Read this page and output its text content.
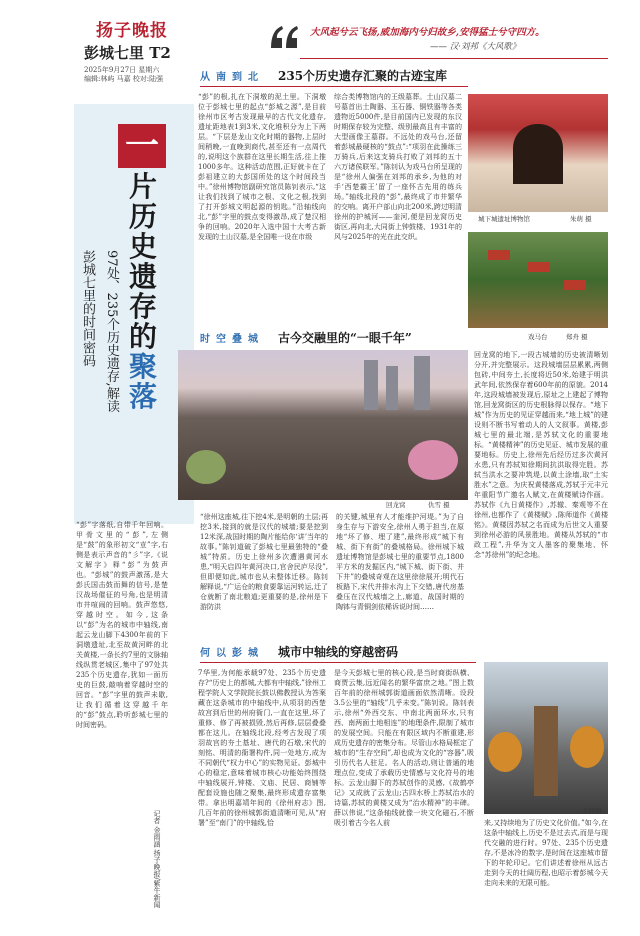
扬子晚报
彭城七里 T2
2025年9月27日 星期六
编辑:林屿 马嘉 校对:陆强
大风起兮云飞扬,威加海内兮归故乡,安得猛士兮守四方。
—— 汉·刘邦《大风歌》
一
片
历
史
遗
存
的
聚
落
97处、235个历史遗存,解读
彭城七里的时间密码
“彭”字落纸,自带千年回响。甲骨文里的“彭”,左侧是“鼓”的象形初文“壴”字,右侧是表示声音的“彡”字,《说文解字》释“彭”为鼓声也。“彭城”的鼓声激荡,是大彭氏国击鼓而舞的信号,是楚汉战场催征的号角,也是明清市井喧闹的回响。鼓声悠悠,穿越时空。如今,这条以“彭”为名的城市中轴线,南起云龙山脚下4300年前的下洞墩遗址,北至故黄河畔的北关黄楼,一条长约7里的文脉轴线纵贯老城区,集中了97处共235个历史遗存,犹如一面历史的巨鼓,敲响着穿越时空的回音。“彭”字里的鼓声未歇,让我们循着这穿越千年的“彭”鼓点,聆听彭城七里的时间密码。
记者 金雨涵 扬子晚报/紫牛新闻
从南到北 235个历史遗存汇聚的古迹宝库
“彭”的根,扎在下洞墩的泥土里。下洞墩位于彭城七里的起点“彭城之源”,是目前徐州市区考古发现最早的古代文化遗存,遗址距地表1到3米,文化堆积分为上下两层。“下层是龙山文化时期的器物,上层时间稍晚,一直晚到商代,甚至还有一点周代的,说明这个族群在这里长期生活,往上推1000多年。这种活动范围,正好就卡在了彭祖建立的大彭国所处的这个时间段当中。”徐州博物馆副研究馆员陈钊表示,“这让我们找到了城市之根、文化之根,找到了打开彭城文明起源的钥匙。”沿轴线向北,“彭”字里的鼓点变得激昂,成了楚汉相争的回响。2020年入选中国十大考古新发现的土山汉墓,是全国唯一设在市级
综合类博物馆内的王级墓葬。土山汉墓二号墓首出土陶器、玉石器、铜铁器等各类遗物近5000件,是目前国内已发现的东汉时期保存较为完整、级别最高且有丰富的大型画像王墓群。不远处的戏马台,还留着彭城最硬核的“鼓点”:“项羽在此操练三万骑兵,后来这支骑兵打败了刘邦的五十六万诸侯联军。”陈钊认为戏马台所呈现的是“徐州人偏强在刘邦的承乡,为他的对手‘西楚霸王’留了一座怀古先用的练兵场。”轴线北段的“彭”,最终成了市井繁华的交响。离开户部山向北200米,跨过明清徐州的护城河——奎河,便是回龙窝历史街区,再向北,大同街上钟鼓楼、1931年的风与2025年的光在此交织。
城下城遗址博物馆	朱萌 摄
戏马台	郑舟 摄
时空叠城 古今交融里的“一眼千年”
回龙窝	仇雪 摄
回龙窝的地下,一段古城墙的历史被清晰划分开,并完整展示。这段城墙层层累累,两侧包砖,中间夯土,长度将近50米,始建于明洪武年间,依然保存着600年前的原貌。2014年,这段城墙被发现后,原址之上建起了博物馆,回龙窝街区的历史根脉得以保存。“地下城”作为历史的见证穿越而来,“地上城”的建设则不断书写着动人的人文叙事。黄楼,彭城七里的最北端,是苏轼文化的重要地标。“黄楼精神”的历史见证、城市发展的重要地标。历史上,徐州先后经历过多次黄河水患,只有苏轼知徐期间抗洪取得完胜。苏轼当洪水之要冲筑堤,以黄土涂墙,取“土实胜水”之意。为庆祝黄楼落成,苏轼于元丰元年重阳节广邀名人赋文,在黄楼赋诗作画。苏轼作《九日黄楼作》,苏辙、秦观等不在徐州,也都作了《黄楼赋》,陈师道作《黄楼铭》。黄楼因苏轼之名而成为后世文人重要到徐州必游的风景胜地。黄楼从苏轼的“市政工程”,升华为文人墨客的聚集地、怀念“苏徐州”的纪念地。
“徐州这座城,往下挖4米,是明朝的土层;再挖3米,接到的就是汉代的城墙;要是挖到12米深,战国时期的陶片能给你‘讲’当年的故事。”陈钊道破了彭城七里最独特的“叠城”特质。历史上徐州多次遭遇黄河水患,“明天启四年黄河决口,官舍民庐尽没”,但即便如此,城市也从未整体迁移。陈钊解释说,“广运仓的粮食要靠运河转运,迁了仓就断了南北粮道;更重要的是,徐州是下游防洪
的关键,城里有人才能维护河堤。”为了自身生存与下游安全,徐州人勇于担当,在原地“坏了修、埋了建”,最终形成“城下有城、街下有街”的叠城格局。徐州城下城遗址博物馆是彭城七里的重要节点,1800平方米的发掘区内,“城下城、街下街、井下井”的叠城奇观在这里徐徐展开;明代石板路下,宋代井排水沟上下交错,唐代房基叠压在汉代城墙之上,廊道、战国时期的陶钵与青铜剑依稀诉说时间……
何以彭城 城市中轴线的穿越密码
7华里,为何能承载97处、235个历史遗存?“历史上的都城,大都有中轴线,”徐州工程学院人文学院院长鼓以佛教授认为答案藏在这条城市的中轴线中,从项羽的西楚故宫到后世的州府衙门,一直在这里,坏了重修、修了再被损毁,然后再修,层层叠叠都在这儿。在轴线北段,经考古发现了项羽故宫的夯土基址、唐代的石墩,宋代的刻铭、明清的衙署构件,同一处地方,成为不同朝代“权力中心”的实物见证。彭城中心的稳定,意味着城市核心功能始终围绕中轴线展开,钟楼、文庙、民居、商铺等配套设施也随之聚集,最终形成遗存富集带。拿出明嘉靖年间的《徐州府志》图,几百年前的徐州城郭街道清晰可见,从“府署”至“南门”的中轴线,恰
是今天彭城七里的核心段,是当时商街纵横、商贾云集,远近闻名的繁华富庶之地。”图上数百年前的徐州城郭街道画面依然清晰。设段3.5公里的“轴线”几乎未变。”陈钊说。陈钊表示,徐州“外西交东、中南北两面环水,只有西、南两面土地相连”的地理条件,限制了城市的发展空间。只能在有限区域内不断重建,形成历史遗存的密集分布。尽管山水格局框定了城市的“生存空间”,却也成为文化的“容器”,吸引历代名人驻足。名人的活动,则让普通的地理点位,变成了承载历史情感与文化符号的地标。云龙山脚下的苏轼创作的灵感,《故鹤亭记》又成就了云龙山;古四水桥上苏轼治水的诗篇,苏轼的黄楼又成为“治水精神”的丰碑。薛以伟说,“这条轴线就像一块文化磁石,不断吸引着古今名人前
大同街
来,又持续地为了历史文化价值。”如今,在这条中轴线上,历史不是过去式,而是与现代交融的进行时。97处、235个历史遗存,不是冰冷的数字,是时间在这座城市留下的年轮印记。它们讲述着徐州从远古走到今天的壮阔历程,也昭示着彭城今天走向未来的无限可能。
